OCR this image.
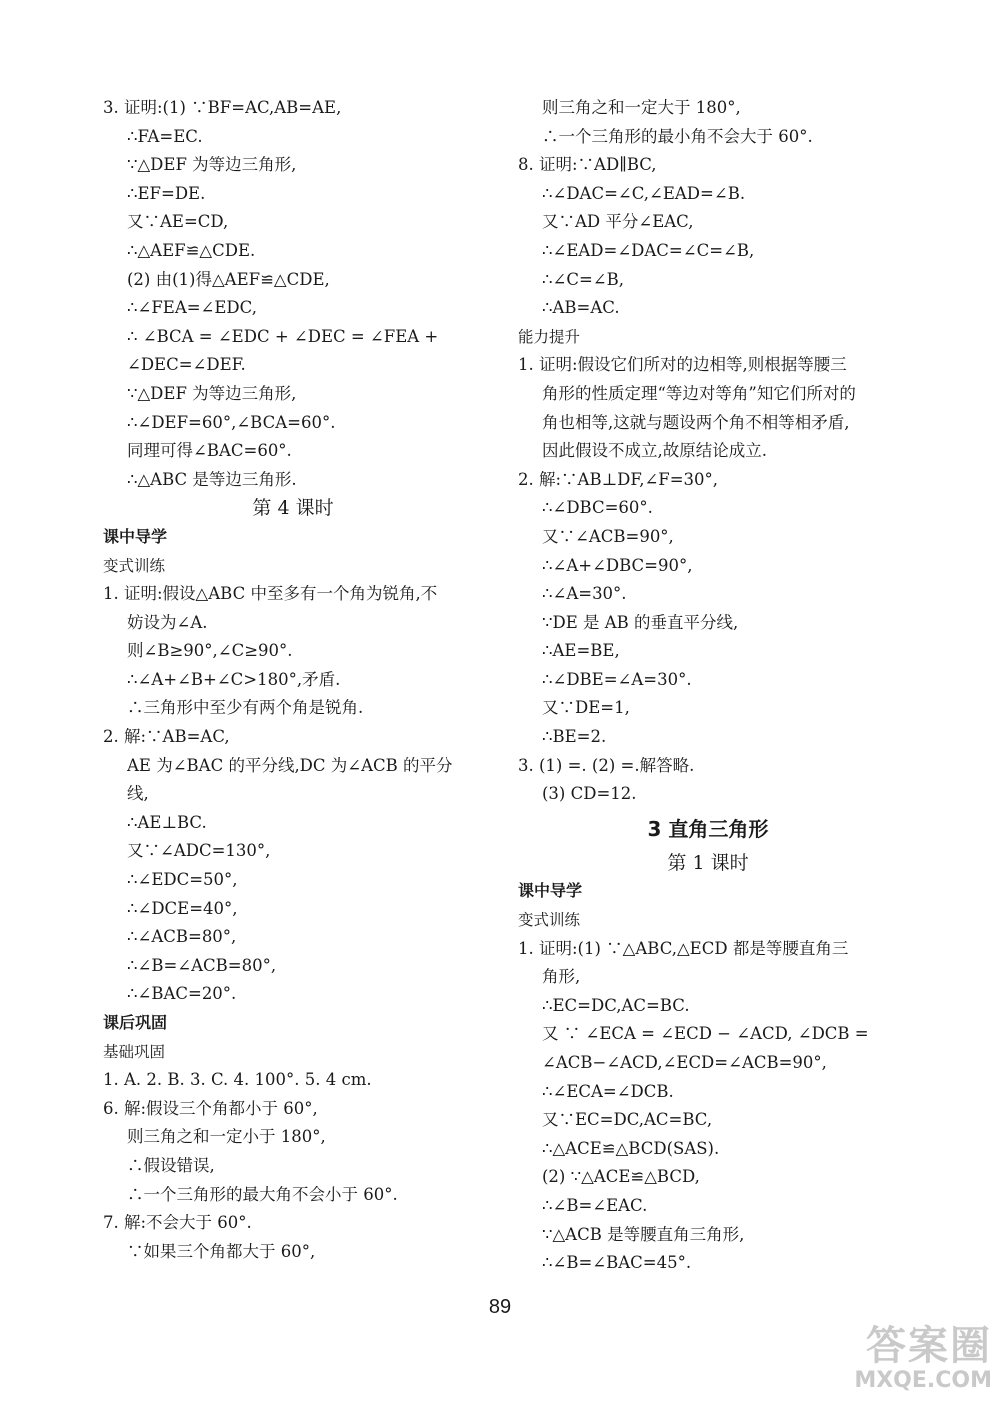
3. 证明:(1) ∵BF=AC,AB=AE,
∴FA=EC.
∵△DEF 为等边三角形,
∴EF=DE.
又∵AE=CD,
∴△AEF≌△CDE.
(2) 由(1)得△AEF≌△CDE,
∴∠FEA=∠EDC,
∴ ∠BCA = ∠EDC + ∠DEC = ∠FEA +
∠DEC=∠DEF.
∵△DEF 为等边三角形,
∴∠DEF=60°,∠BCA=60°.
同理可得∠BAC=60°.
∴△ABC 是等边三角形.
第 4 课时
课中导学
变式训练
1. 证明:假设△ABC 中至多有一个角为锐角,不
妨设为∠A.
则∠B≥90°,∠C≥90°.
∴∠A+∠B+∠C>180°,矛盾.
∴三角形中至少有两个角是锐角.
2. 解:∵AB=AC,
AE 为∠BAC 的平分线,DC 为∠ACB 的平分
线,
∴AE⊥BC.
又∵∠ADC=130°,
∴∠EDC=50°,
∴∠DCE=40°,
∴∠ACB=80°,
∴∠B=∠ACB=80°,
∴∠BAC=20°.
课后巩固
基础巩固
1. A. 2. B. 3. C. 4. 100°. 5. 4 cm.
6. 解:假设三个角都小于 60°,
则三角之和一定小于 180°,
∴假设错误,
∴一个三角形的最大角不会小于 60°.
7. 解:不会大于 60°.
∵如果三个角都大于 60°,
则三角之和一定大于 180°,
∴一个三角形的最小角不会大于 60°.
8. 证明:∵AD∥BC,
∴∠DAC=∠C,∠EAD=∠B.
又∵AD 平分∠EAC,
∴∠EAD=∠DAC=∠C=∠B,
∴∠C=∠B,
∴AB=AC.
能力提升
1. 证明:假设它们所对的边相等,则根据等腰三
角形的性质定理“等边对等角”知它们所对的
角也相等,这就与题设两个角不相等相矛盾,
因此假设不成立,故原结论成立.
2. 解:∵AB⊥DF,∠F=30°,
∴∠DBC=60°.
又∵∠ACB=90°,
∴∠A+∠DBC=90°,
∴∠A=30°.
∵DE 是 AB 的垂直平分线,
∴AE=BE,
∴∠DBE=∠A=30°.
又∵DE=1,
∴BE=2.
3. (1) =. (2) =.解答略.
(3) CD=12.
3 直角三角形
第 1 课时
课中导学
变式训练
1. 证明:(1) ∵△ABC,△ECD 都是等腰直角三
角形,
∴EC=DC,AC=BC.
又 ∵ ∠ECA = ∠ECD − ∠ACD, ∠DCB =
∠ACB−∠ACD,∠ECD=∠ACB=90°,
∴∠ECA=∠DCB.
又∵EC=DC,AC=BC,
∴△ACE≌△BCD(SAS).
(2) ∵△ACE≌△BCD,
∴∠B=∠EAC.
∵△ACB 是等腰直角三角形,
∴∠B=∠BAC=45°.
89
答案圈
MXQE.COM
